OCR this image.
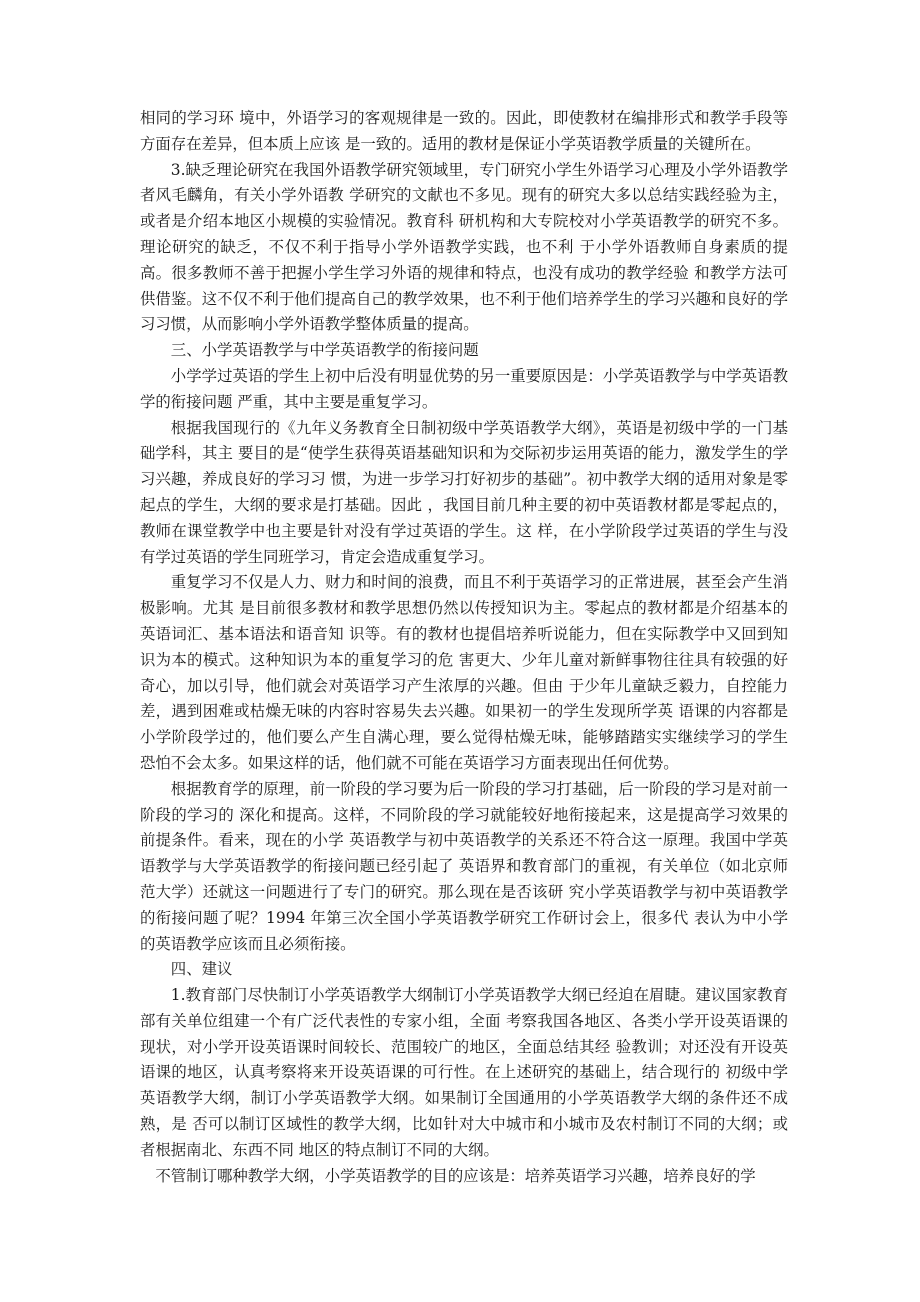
相同的学习环 境中，外语学习的客观规律是一致的。因此，即使教材在编排形式和教学手段等方面存在差异，但本质上应该 是一致的。适用的教材是保证小学英语教学质量的关键所在。

3.缺乏理论研究在我国外语教学研究领域里，专门研究小学生外语学习心理及小学外语教学者风毛麟角，有关小学外语教 学研究的文献也不多见。现有的研究大多以总结实践经验为主，或者是介绍本地区小规模的实验情况。教育科 研机构和大专院校对小学英语教学的研究不多。理论研究的缺乏，不仅不利于指导小学外语教学实践，也不利 于小学外语教师自身素质的提高。很多教师不善于把握小学生学习外语的规律和特点，也没有成功的教学经验 和教学方法可供借鉴。这不仅不利于他们提高自己的教学效果，也不利于他们培养学生的学习兴趣和良好的学 习习惯，从而影响小学外语教学整体质量的提高。

三、小学英语教学与中学英语教学的衔接问题

小学学过英语的学生上初中后没有明显优势的另一重要原因是：小学英语教学与中学英语教学的衔接问题 严重，其中主要是重复学习。

根据我国现行的《九年义务教育全日制初级中学英语教学大纲》，英语是初级中学的一门基础学科，其主 要目的是“使学生获得英语基础知识和为交际初步运用英语的能力，激发学生的学习兴趣，养成良好的学习习 惯，为进一步学习打好初步的基础”。初中教学大纲的适用对象是零起点的学生，大纲的要求是打基础。因此 ，我国目前几种主要的初中英语教材都是零起点的，教师在课堂教学中也主要是针对没有学过英语的学生。这 样，在小学阶段学过英语的学生与没有学过英语的学生同班学习，肯定会造成重复学习。

重复学习不仅是人力、财力和时间的浪费，而且不利于英语学习的正常进展，甚至会产生消极影响。尤其 是目前很多教材和教学思想仍然以传授知识为主。零起点的教材都是介绍基本的英语词汇、基本语法和语音知 识等。有的教材也提倡培养听说能力，但在实际教学中又回到知识为本的模式。这种知识为本的重复学习的危 害更大、少年儿童对新鲜事物往往具有较强的好奇心，加以引导，他们就会对英语学习产生浓厚的兴趣。但由 于少年儿童缺乏毅力，自控能力差，遇到困难或枯燥无味的内容时容易失去兴趣。如果初一的学生发现所学英 语课的内容都是小学阶段学过的，他们要么产生自满心理，要么觉得枯燥无味，能够踏踏实实继续学习的学生 恐怕不会太多。如果这样的话，他们就不可能在英语学习方面表现出任何优势。

根据教育学的原理，前一阶段的学习要为后一阶段的学习打基础，后一阶段的学习是对前一阶段的学习的 深化和提高。这样，不同阶段的学习就能较好地衔接起来，这是提高学习效果的前提条件。看来，现在的小学 英语教学与初中英语教学的关系还不符合这一原理。我国中学英语教学与大学英语教学的衔接问题已经引起了 英语界和教育部门的重视，有关单位（如北京师范大学）还就这一问题进行了专门的研究。那么现在是否该研 究小学英语教学与初中英语教学的衔接问题了呢？1994 年第三次全国小学英语教学研究工作研讨会上，很多代 表认为中小学的英语教学应该而且必须衔接。

四、建议

1.教育部门尽快制订小学英语教学大纲制订小学英语教学大纲已经迫在眉睫。建议国家教育部有关单位组建一个有广泛代表性的专家小组，全面 考察我国各地区、各类小学开设英语课的现状，对小学开设英语课时间较长、范围较广的地区，全面总结其经 验教训；对还没有开设英语课的地区，认真考察将来开设英语课的可行性。在上述研究的基础上，结合现行的 初级中学英语教学大纲，制订小学英语教学大纲。如果制订全国通用的小学英语教学大纲的条件还不成熟，是 否可以制订区域性的教学大纲，比如针对大中城市和小城市及农村制订不同的大纲；或者根据南北、东西不同 地区的特点制订不同的大纲。

不管制订哪种教学大纲，小学英语教学的目的应该是：培养英语学习兴趣，培养良好的学
